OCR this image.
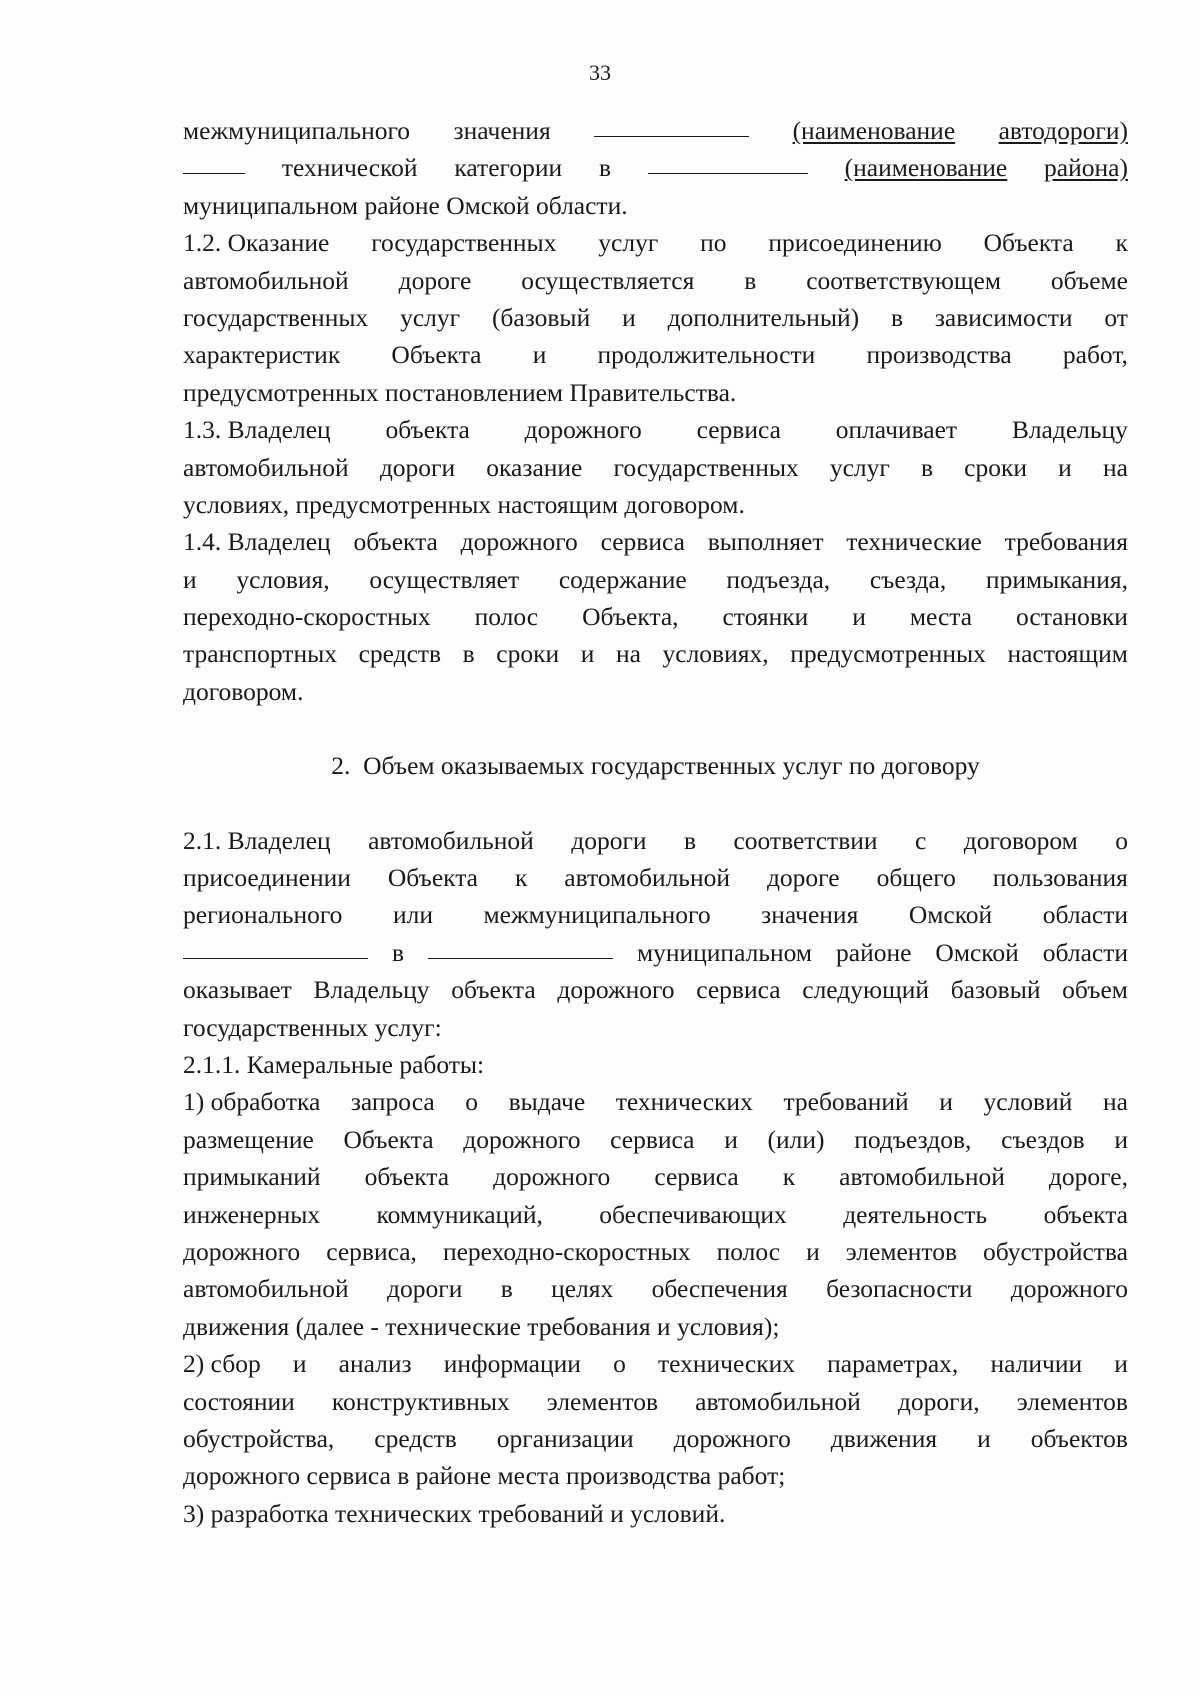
33
межмуниципального значения	(наименование автодороги)
технической категории в	(наименование района)
муниципальном районе Омской области.
1.2. Оказание государственных услуг по присоединению Объекта к
автомобильной дороге осуществляется в соответствующем объеме
государственных услуг (базовый и дополнительный) в зависимости от
характеристик Объекта и продолжительности производства работ,
предусмотренных постановлением Правительства.
1.3. Владелец объекта дорожного сервиса оплачивает Владельцу
автомобильной дороги оказание государственных услуг в сроки и на
условиях, предусмотренных настоящим договором.
1.4. Владелец объекта дорожного сервиса выполняет технические требования
и условия, осуществляет содержание подъезда, съезда, примыкания,
переходно-скоростных полос Объекта, стоянки и места остановки
транспортных средств в сроки и на условиях, предусмотренных настоящим
договором.
2.  Объем оказываемых государственных услуг по договору
2.1. Владелец автомобильной дороги в соответствии с договором о
присоединении Объекта к автомобильной дороге общего пользования
регионального или межмуниципального значения Омской области
в	муниципальном районе Омской области
оказывает Владельцу объекта дорожного сервиса следующий базовый объем
государственных услуг:
2.1.1. Камеральные работы:
1) обработка запроса о выдаче технических требований и условий на
размещение Объекта дорожного сервиса и (или) подъездов, съездов и
примыканий объекта дорожного сервиса к автомобильной дороге,
инженерных коммуникаций, обеспечивающих деятельность объекта
дорожного сервиса, переходно-скоростных полос и элементов обустройства
автомобильной дороги в целях обеспечения безопасности дорожного
движения (далее - технические требования и условия);
2) сбор и анализ информации о технических параметрах, наличии и
состоянии конструктивных элементов автомобильной дороги, элементов
обустройства, средств организации дорожного движения и объектов
дорожного сервиса в районе места производства работ;
3) разработка технических требований и условий.
